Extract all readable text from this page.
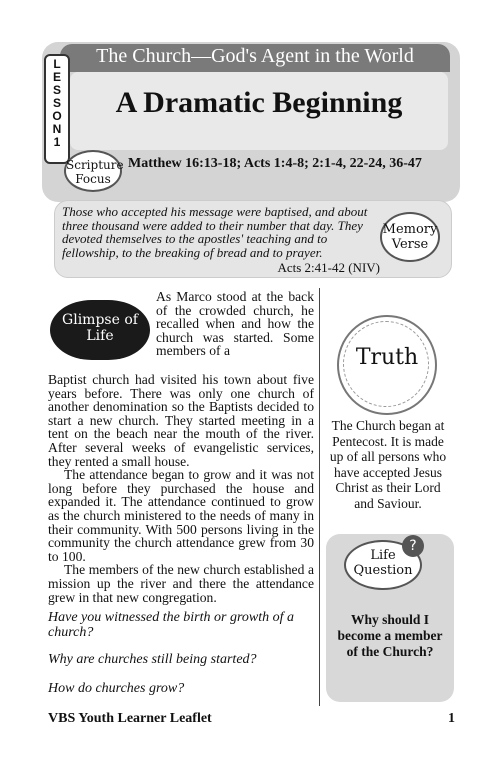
The Church—God's Agent in the World
LESSON 1
A Dramatic Beginning
Scripture Focus
Matthew 16:13-18; Acts 1:4-8; 2:1-4, 22-24, 36-47
Those who accepted his message were baptised, and about three thousand were added to their number that day. They devoted themselves to the apostles' teaching and to fellowship, to the breaking of bread and to prayer.
Acts 2:41-42 (NIV)
Memory Verse
Glimpse of Life
As Marco stood at the back of the crowded church, he recalled when and how the church was started. Some members of a

Baptist church had visited his town about five years before. There was only one church of another denomination so the Baptists decided to start a new church. They started meeting in a tent on the beach near the mouth of the river. After several weeks of evangelistic services, they rented a small house.

The attendance began to grow and it was not long before they purchased the house and expanded it. The attendance continued to grow as the church ministered to the needs of many in their community. With 500 persons living in the community the church attendance grew from 30 to 100.

The members of the new church established a mission up the river and there the attendance grew in that new congregation.

Have you witnessed the birth or growth of a church?
Why are churches still being started?
How do churches grow?
Truth
The Church began at Pentecost. It is made up of all persons who have accepted Jesus Christ as their Lord and Saviour.
Life Question
?
Why should I become a member of the Church?
VBS Youth Learner Leaflet	1
